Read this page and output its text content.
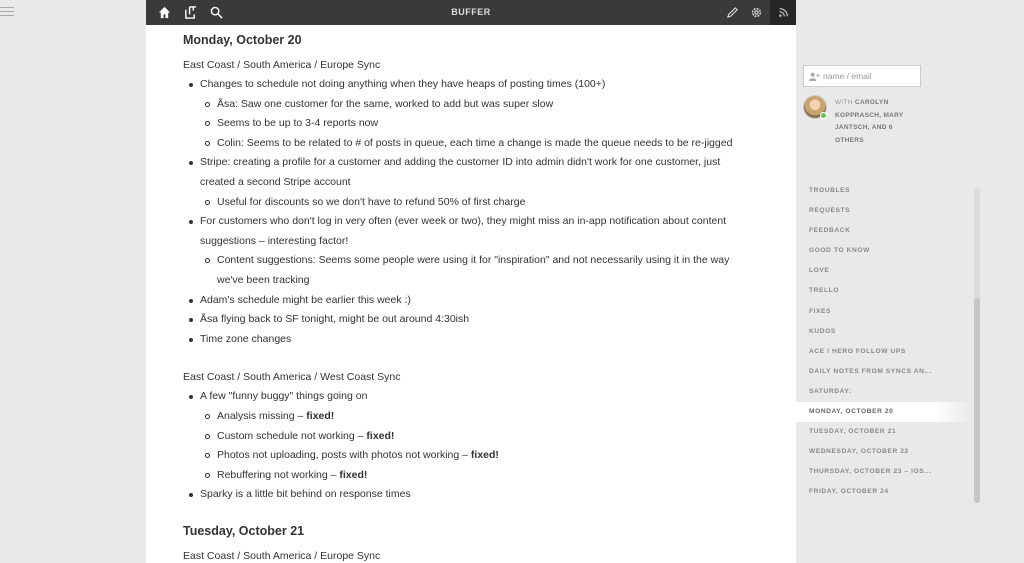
BUFFER
Monday, October 20
East Coast / South America / Europe Sync
Changes to schedule not doing anything when they have heaps of posting times (100+)
Åsa: Saw one customer for the same, worked to add but was super slow
Seems to be up to 3-4 reports now
Colin: Seems to be related to # of posts in queue, each time a change is made the queue needs to be re-jigged
Stripe: creating a profile for a customer and adding the customer ID into admin didn't work for one customer, just created a second Stripe account
Useful for discounts so we don't have to refund 50% of first charge
For customers who don't log in very often (ever week or two), they might miss an in-app notification about content suggestions – interesting factor!
Content suggestions: Seems some people were using it for "inspiration" and not necessarily using it in the way we've been tracking
Adam's schedule might be earlier this week :)
Åsa flying back to SF tonight, might be out around 4:30ish
Time zone changes
East Coast / South America / West Coast Sync
A few "funny buggy" things going on
Analysis missing – fixed!
Custom schedule not working – fixed!
Photos not uploading, posts with photos not working – fixed!
Rebuffering not working – fixed!
Sparky is a little bit behind on response times
Tuesday, October 21
East Coast / South America / Europe Sync
name / email
WITH CAROLYN KOPPRASCH, MARY JANTSCH, AND 6 OTHERS
TROUBLES
REQUESTS
FEEDBACK
GOOD TO KNOW
LOVE
TRELLO
FIXES
KUDOS
ACE / HERO FOLLOW UPS
DAILY NOTES FROM SYNCS AN...
SATURDAY:
MONDAY, OCTOBER 20
TUESDAY, OCTOBER 21
WEDNESDAY, OCTOBER 22
THURSDAY, OCTOBER 23 – IOS...
FRIDAY, OCTOBER 24
